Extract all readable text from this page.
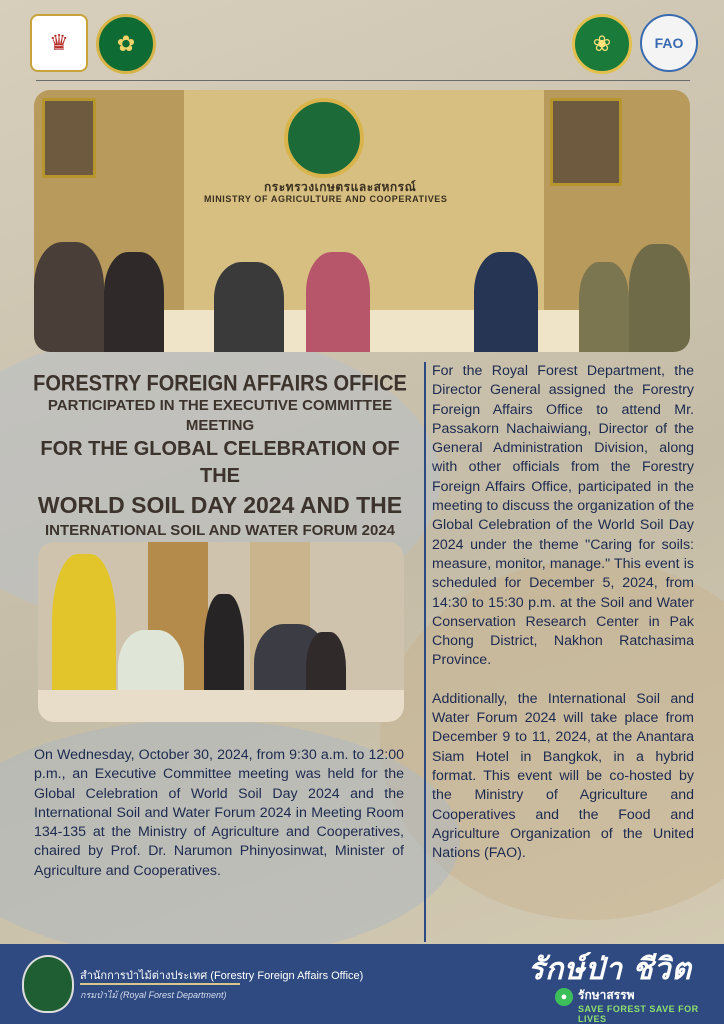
♛	✿	❀	FAO
กระทรวงเกษตรและสหกรณ์
MINISTRY OF AGRICULTURE AND COOPERATIVES
FORESTRY FOREIGN AFFAIRS OFFICE
PARTICIPATED IN THE EXECUTIVE COMMITTEE MEETING
FOR THE GLOBAL CELEBRATION OF THE
WORLD SOIL DAY 2024 AND THE
INTERNATIONAL SOIL AND WATER FORUM 2024

For the Royal Forest Department, the Director General assigned the Forestry Foreign Affairs Office to attend Mr. Passakorn Nachaiwiang, Director of the General Administration Division, along with other officials from the Forestry Foreign Affairs Office, participated in the meeting to discuss the organization of the Global Celebration of the World Soil Day 2024 under the theme "Caring for soils: measure, monitor, manage." This event is scheduled for December 5, 2024, from 14:30 to 15:30 p.m. at the Soil and Water Conservation Research Center in Pak Chong District, Nakhon Ratchasima Province.

Additionally, the International Soil and Water Forum 2024 will take place from December 9 to 11, 2024, at the Anantara Siam Hotel in Bangkok, in a hybrid format. This event will be co-hosted by the Ministry of Agriculture and Cooperatives and the Food and Agriculture Organization of the United Nations (FAO).

On Wednesday, October 30, 2024, from 9:30 a.m. to 12:00 p.m., an Executive Committee meeting was held for the Global Celebration of World Soil Day 2024 and the International Soil and Water Forum 2024 in Meeting Room 134-135 at the Ministry of Agriculture and Cooperatives, chaired by Prof. Dr. Narumon Phinyosinwat, Minister of Agriculture and Cooperatives.

สำนักการป่าไม้ต่างประเทศ (Forestry Foreign Affairs Office)
กรมป่าไม้ (Royal Forest Department)
รักษ์ป่า ชีวิต
● รักษาสรรพ
SAVE FOREST SAVE FOR LIVES
